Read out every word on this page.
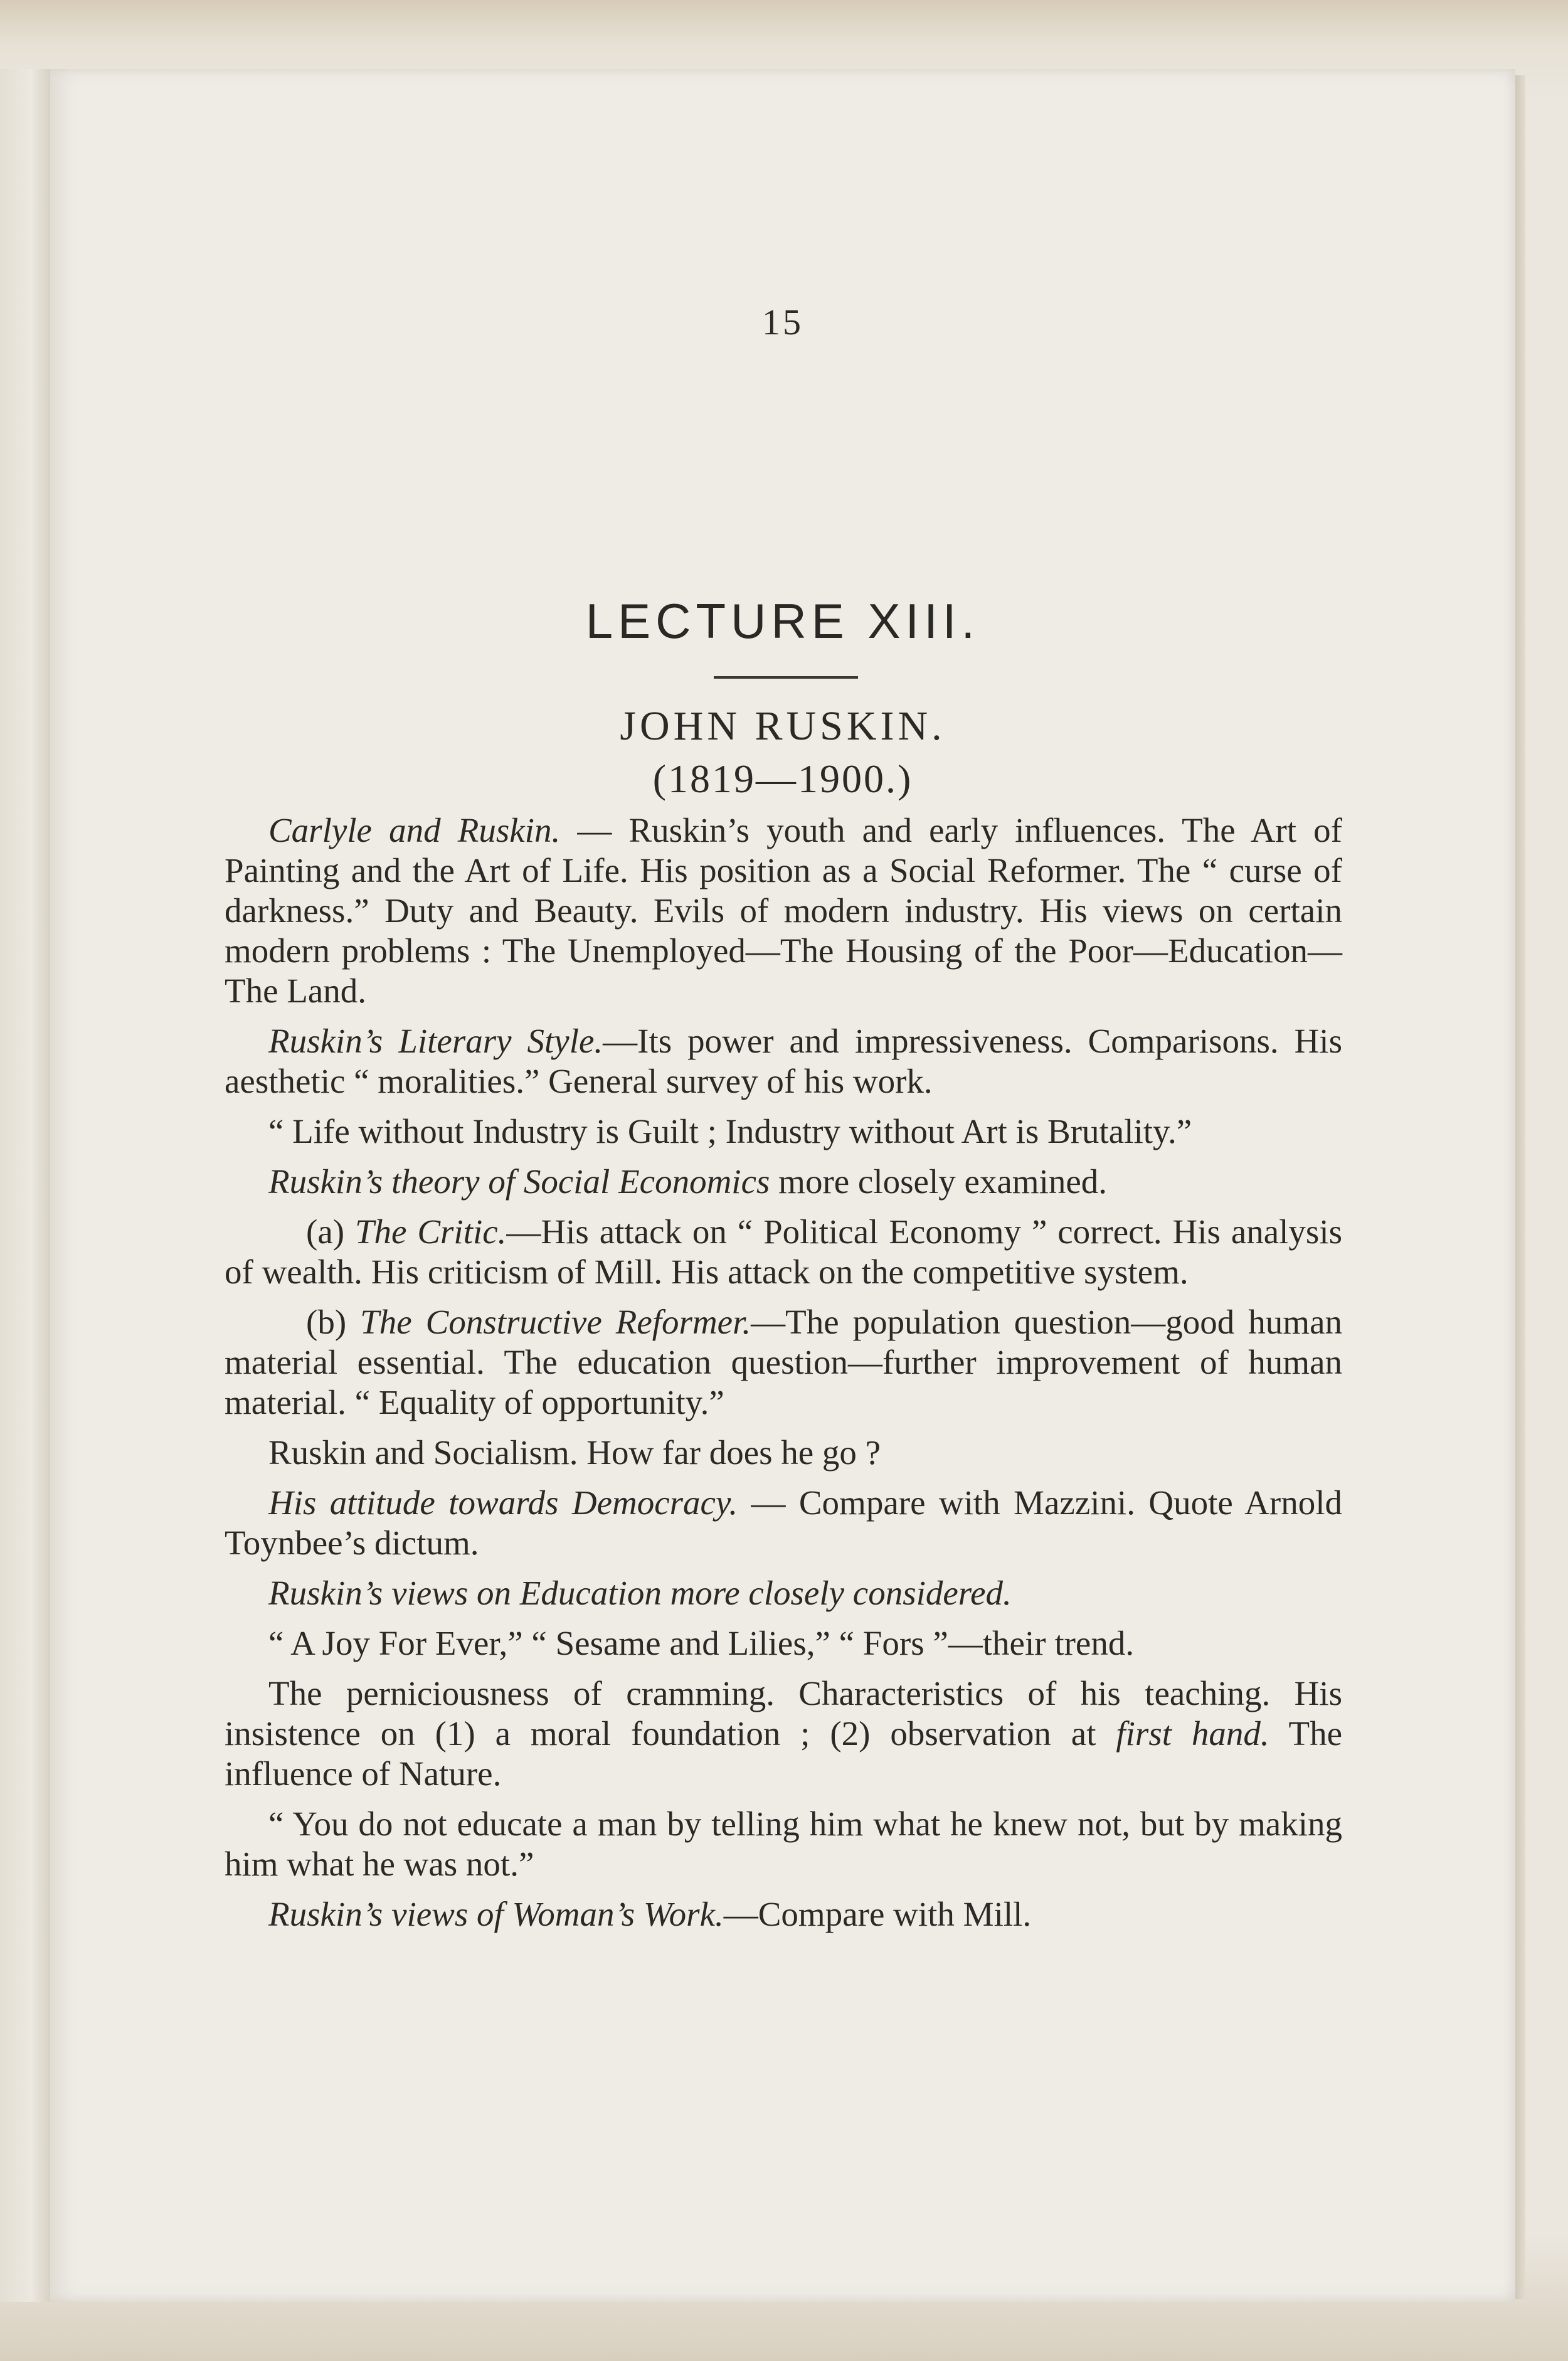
15
LECTURE XIII.
JOHN RUSKIN.
(1819—1900.)

Carlyle and Ruskin. — Ruskin’s youth and early influences. The Art of Painting and the Art of Life. His position as a Social Reformer. The “ curse of darkness.” Duty and Beauty. Evils of modern industry. His views on certain modern problems : The Unemployed—The Housing of the Poor—Education—The Land.

Ruskin’s Literary Style.—Its power and impressiveness. Comparisons. His aesthetic “ moralities.” General survey of his work.

“ Life without Industry is Guilt ; Industry without Art is Brutality.”

Ruskin’s theory of Social Economics more closely examined.

(a) The Critic.—His attack on “ Political Economy ” correct. His analysis of wealth. His criticism of Mill. His attack on the competitive system.

(b) The Constructive Reformer.—The population question—good human material essential. The education question—further improvement of human material. “ Equality of opportunity.”

Ruskin and Socialism. How far does he go ?

His attitude towards Democracy. — Compare with Mazzini. Quote Arnold Toynbee’s dictum.

Ruskin’s views on Education more closely considered.

“ A Joy For Ever,” “ Sesame and Lilies,” “ Fors ”—their trend.

The perniciousness of cramming. Characteristics of his teaching. His insistence on (1) a moral foundation ; (2) observation at first hand. The influence of Nature.

“ You do not educate a man by telling him what he knew not, but by making him what he was not.”

Ruskin’s views of Woman’s Work.—Compare with Mill.
